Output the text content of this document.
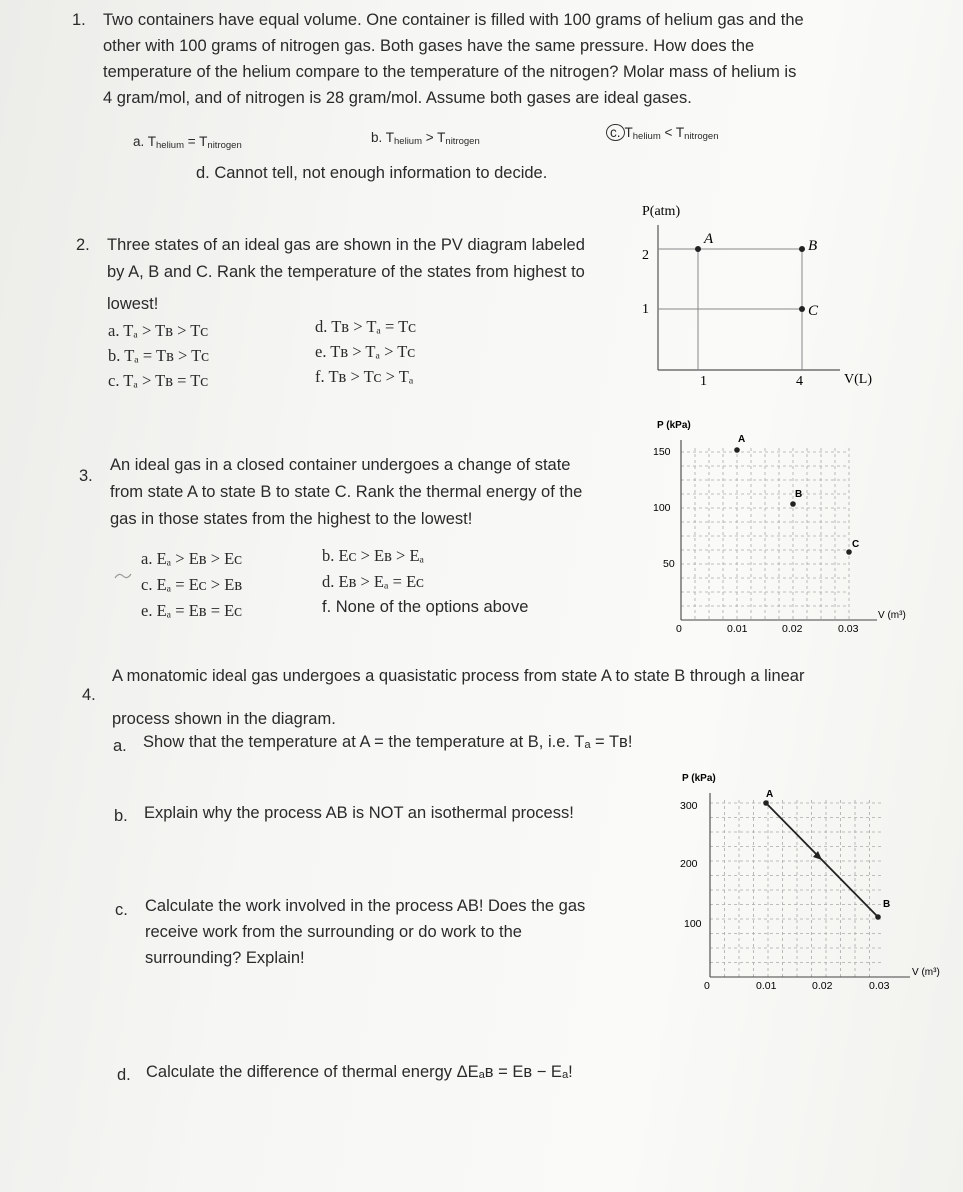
1. Two containers have equal volume. One container is filled with 100 grams of helium gas and the
other with 100 grams of nitrogen gas. Both gases have the same pressure. How does the
temperature of the helium compare to the temperature of the nitrogen? Molar mass of helium is
4 gram/mol, and of nitrogen is 28 gram/mol. Assume both gases are ideal gases.
a. $T_{helium} = T_{nitrogen}$
b. $T_{helium} > T_{nitrogen}$
c. $T_{helium} < T_{nitrogen}$
d. Cannot tell, not enough information to decide.
2. Three states of an ideal gas are shown in the PV diagram labeled
by A, B and C. Rank the temperature of the states from highest to
lowest!
a. Tₐ > Tʙ > Tᴄ
b. Tₐ = Tʙ > Tᴄ
c. Tₐ > Tʙ = Tᴄ
d. Tʙ > Tₐ = Tᴄ
e. Tʙ > Tₐ > Tᴄ
f. Tʙ > Tᴄ > Tₐ
P(atm)
2
1
1	4	V(L)
A	B
C
3.
An ideal gas in a closed container undergoes a change of state
from state A to state B to state C. Rank the thermal energy of the
gas in those states from the highest to the lowest!
a. Eₐ > Eʙ > Eᴄ	b. Eᴄ > Eʙ > Eₐ
c. Eₐ = Eᴄ > Eʙ	d. Eʙ > Eₐ = Eᴄ
e. Eₐ = Eʙ = Eᴄ	f. None of the options above
P (kPa)
150
100
50
0	0.01	0.02	0.03
V (m³)
A
B
C
4.
A monatomic ideal gas undergoes a quasistatic process from state A to state B through a linear
process shown in the diagram.
a. Show that the temperature at A = the temperature at B, i.e. Tₐ = Tʙ!
b. Explain why the process AB is NOT an isothermal process!
c. Calculate the work involved in the process AB! Does the gas
receive work from the surrounding or do work to the
surrounding? Explain!
d. Calculate the difference of thermal energy ΔEₐʙ = Eʙ − Eₐ!
P (kPa)
300
200
100
0	0.01	0.02	0.03
V (m³)
A
B
